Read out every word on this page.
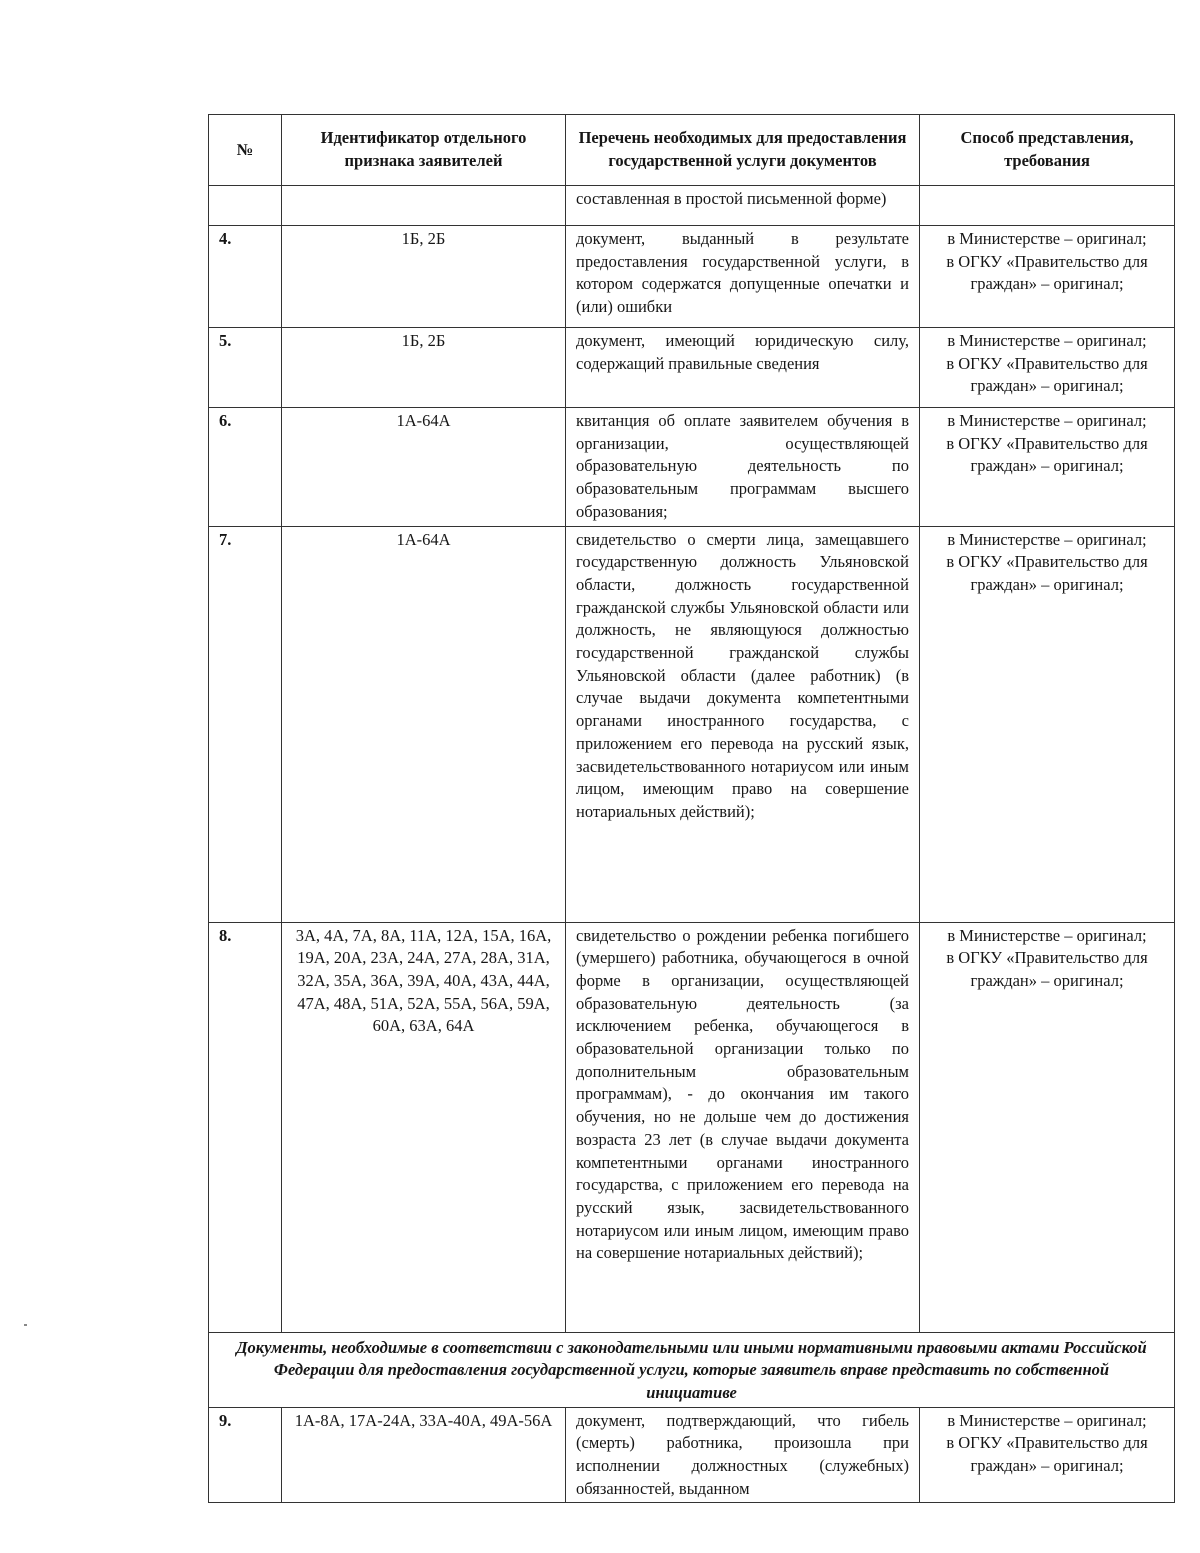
№	Идентификатор отдельного признака заявителей	Перечень необходимых для предоставления государственной услуги документов	Способ представления, требования
		составленная в простой письменной форме)	
4.	1Б, 2Б	документ, выданный в результате предоставления государственной услуги, в котором содержатся допущенные опечатки и (или) ошибки	в Министерстве – оригинал;
в ОГКУ «Правительство для граждан» – оригинал;

5.	1Б, 2Б	документ, имеющий юридическую силу, содержащий правильные сведения	в Министерстве – оригинал;
в ОГКУ «Правительство для граждан» – оригинал;

6.	1А-64А	квитанция об оплате заявителем обучения в организации, осуществляющей образовательную деятельность по образовательным программам высшего образования;	в Министерстве – оригинал;
в ОГКУ «Правительство для граждан» – оригинал;

7.	1А-64А	свидетельство о смерти лица, замещавшего государственную должность Ульяновской области, должность государственной гражданской службы Ульяновской области или должность, не являющуюся должностью государственной гражданской службы Ульяновской области (далее работник) (в случае выдачи документа компетентными органами иностранного государства, с приложением его перевода на русский язык, засвидетельствованного нотариусом или иным лицом, имеющим право на совершение нотариальных действий);	в Министерстве – оригинал;
в ОГКУ «Правительство для граждан» – оригинал;

8.	3А, 4А, 7А, 8А, 11А, 12А, 15А, 16А, 19А, 20А, 23А, 24А, 27А, 28А, 31А, 32А, 35А, 36А, 39А, 40А, 43А, 44А, 47А, 48А, 51А, 52А, 55А, 56А, 59А, 60А, 63А, 64А	свидетельство о рождении ребенка погибшего (умершего) работника, обучающегося в очной форме в организации, осуществляющей образовательную деятельность (за исключением ребенка, обучающегося в образовательной организации только по дополнительным образовательным программам), - до окончания им такого обучения, но не дольше чем до достижения возраста 23 лет (в случае выдачи документа компетентными органами иностранного государства, с приложением его перевода на русский язык, засвидетельствованного нотариусом или иным лицом, имеющим право на совершение нотариальных действий);	в Министерстве – оригинал;
в ОГКУ «Правительство для граждан» – оригинал;

Документы, необходимые в соответствии с законодательными или иными нормативными правовыми актами Российской Федерации для предоставления государственной услуги, которые заявитель вправе представить по собственной инициативе			
9.	1А-8А, 17А-24А, 33А-40А, 49А-56А	документ, подтверждающий, что гибель (смерть) работника, произошла при исполнении должностных (служебных) обязанностей, выданном	в Министерстве – оригинал;
в ОГКУ «Правительство для граждан» – оригинал;
